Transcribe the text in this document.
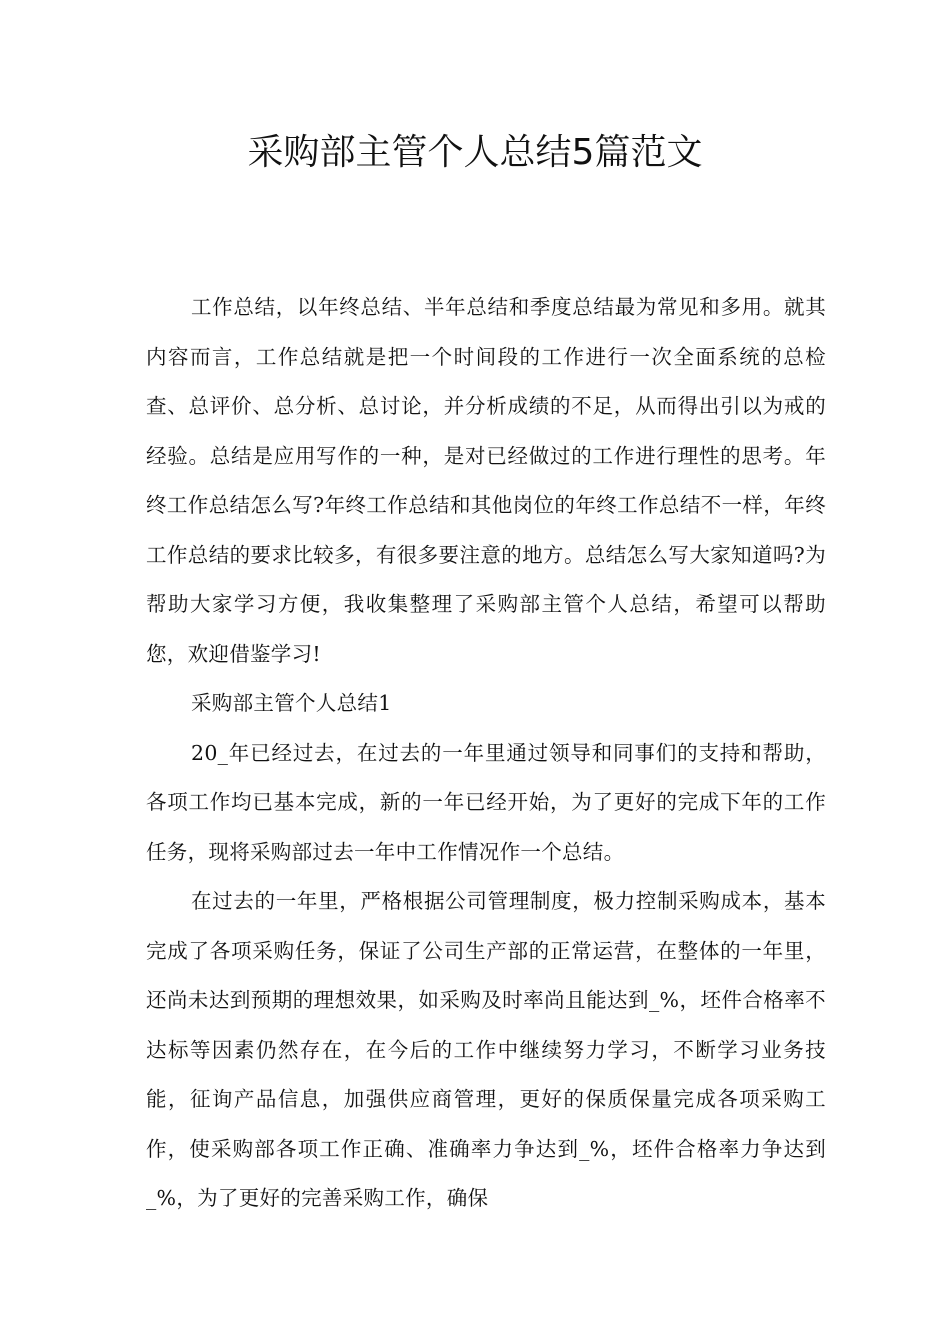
采购部主管个人总结5篇范文

工作总结，以年终总结、半年总结和季度总结最为常见和多用。就其内容而言，工作总结就是把一个时间段的工作进行一次全面系统的总检查、总评价、总分析、总讨论，并分析成绩的不足，从而得出引以为戒的经验。总结是应用写作的一种，是对已经做过的工作进行理性的思考。年终工作总结怎么写?年终工作总结和其他岗位的年终工作总结不一样，年终工作总结的要求比较多，有很多要注意的地方。总结怎么写大家知道吗?为帮助大家学习方便，我收集整理了采购部主管个人总结，希望可以帮助您，欢迎借鉴学习!

采购部主管个人总结1

20_年已经过去，在过去的一年里通过领导和同事们的支持和帮助，各项工作均已基本完成，新的一年已经开始，为了更好的完成下年的工作任务，现将采购部过去一年中工作情况作一个总结。

在过去的一年里，严格根据公司管理制度，极力控制采购成本，基本完成了各项采购任务，保证了公司生产部的正常运营，在整体的一年里，还尚未达到预期的理想效果，如采购及时率尚且能达到_%，坯件合格率不达标等因素仍然存在，在今后的工作中继续努力学习，不断学习业务技能，征询产品信息，加强供应商管理，更好的保质保量完成各项采购工作，使采购部各项工作正确、准确率力争达到_%，坯件合格率力争达到_%，为了更好的完善采购工作，确保
